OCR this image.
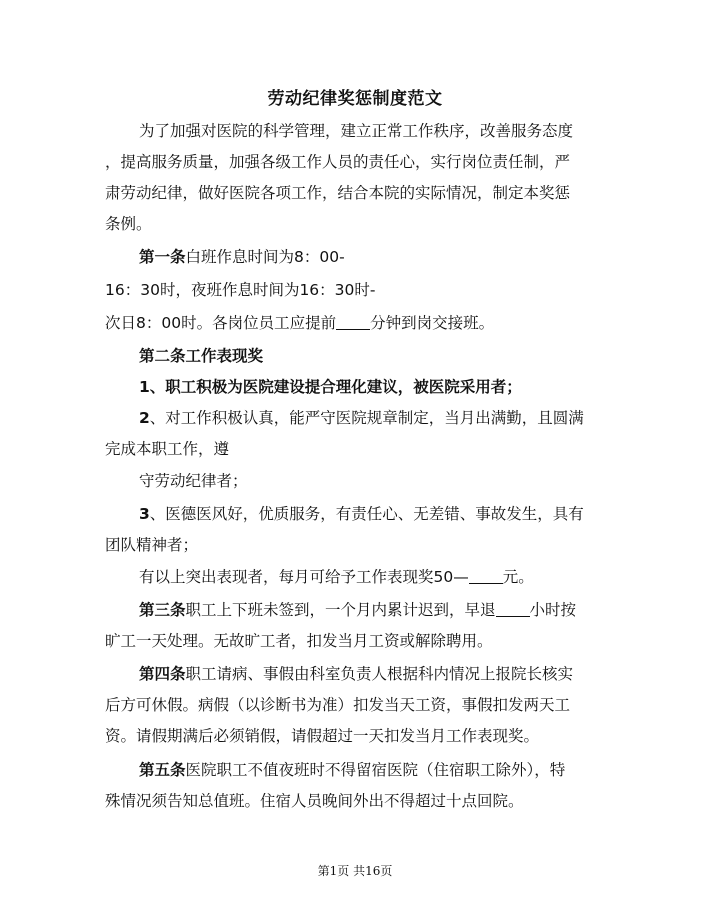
劳动纪律奖惩制度范文
为了加强对医院的科学管理，建立正常工作秩序，改善服务态度
，提高服务质量，加强各级工作人员的责任心，实行岗位责任制，严
肃劳动纪律，做好医院各项工作，结合本院的实际情况，制定本奖惩
条例。
第一条白班作息时间为8：00-
16：30时，夜班作息时间为16：30时-
次日8：00时。各岗位员工应提前 分钟到岗交接班。
第二条工作表现奖
1、职工积极为医院建设提合理化建议，被医院采用者；
2、对工作积极认真，能严守医院规章制定，当月出满勤，且圆满
完成本职工作，遵
守劳动纪律者；
3、医德医风好，优质服务，有责任心、无差错、事故发生，具有
团队精神者；
有以上突出表现者，每月可给予工作表现奖50— 元。
第三条职工上下班未签到，一个月内累计迟到，早退 小时按
旷工一天处理。无故旷工者，扣发当月工资或解除聘用。
第四条职工请病、事假由科室负责人根据科内情况上报院长核实
后方可休假。病假（以诊断书为准）扣发当天工资，事假扣发两天工
资。请假期满后必须销假，请假超过一天扣发当月工作表现奖。
第五条医院职工不值夜班时不得留宿医院（住宿职工除外），特
殊情况须告知总值班。住宿人员晚间外出不得超过十点回院。
第1页 共16页
